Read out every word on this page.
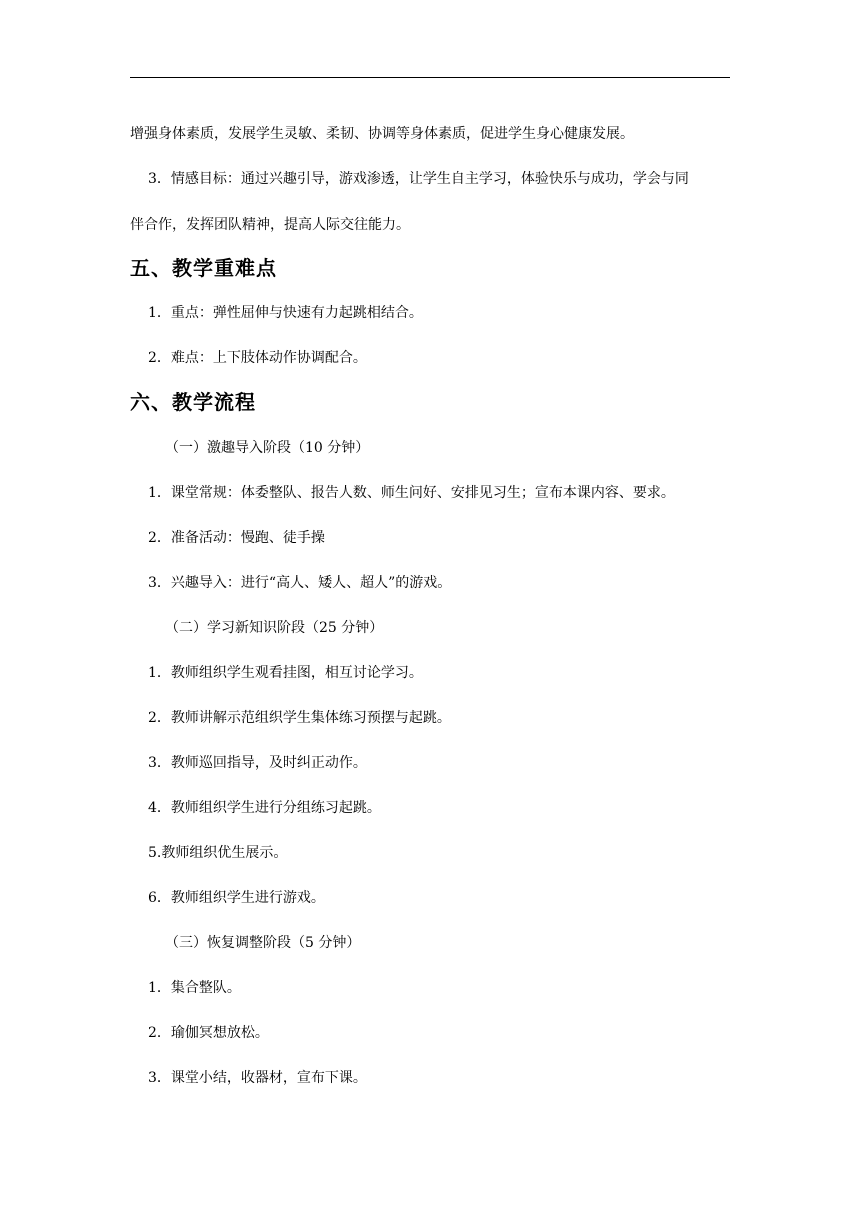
增强身体素质，发展学生灵敏、柔韧、协调等身体素质，促进学生身心健康发展。
3．情感目标：通过兴趣引导，游戏渗透，让学生自主学习，体验快乐与成功，学会与同
伴合作，发挥团队精神，提高人际交往能力。
五、教学重难点
1．重点：弹性屈伸与快速有力起跳相结合。
2．难点：上下肢体动作协调配合。
六、教学流程
（一）激趣导入阶段（10 分钟）
1．课堂常规：体委整队、报告人数、师生问好、安排见习生；宣布本课内容、要求。
2．准备活动：慢跑、徒手操
3．兴趣导入：进行“高人、矮人、超人”的游戏。
（二）学习新知识阶段（25 分钟）
1．教师组织学生观看挂图，相互讨论学习。
2．教师讲解示范组织学生集体练习预摆与起跳。
3．教师巡回指导，及时纠正动作。
4．教师组织学生进行分组练习起跳。
5.教师组织优生展示。
6．教师组织学生进行游戏。
（三）恢复调整阶段（5 分钟）
1．集合整队。
2．瑜伽冥想放松。
3．课堂小结，收器材，宣布下课。
